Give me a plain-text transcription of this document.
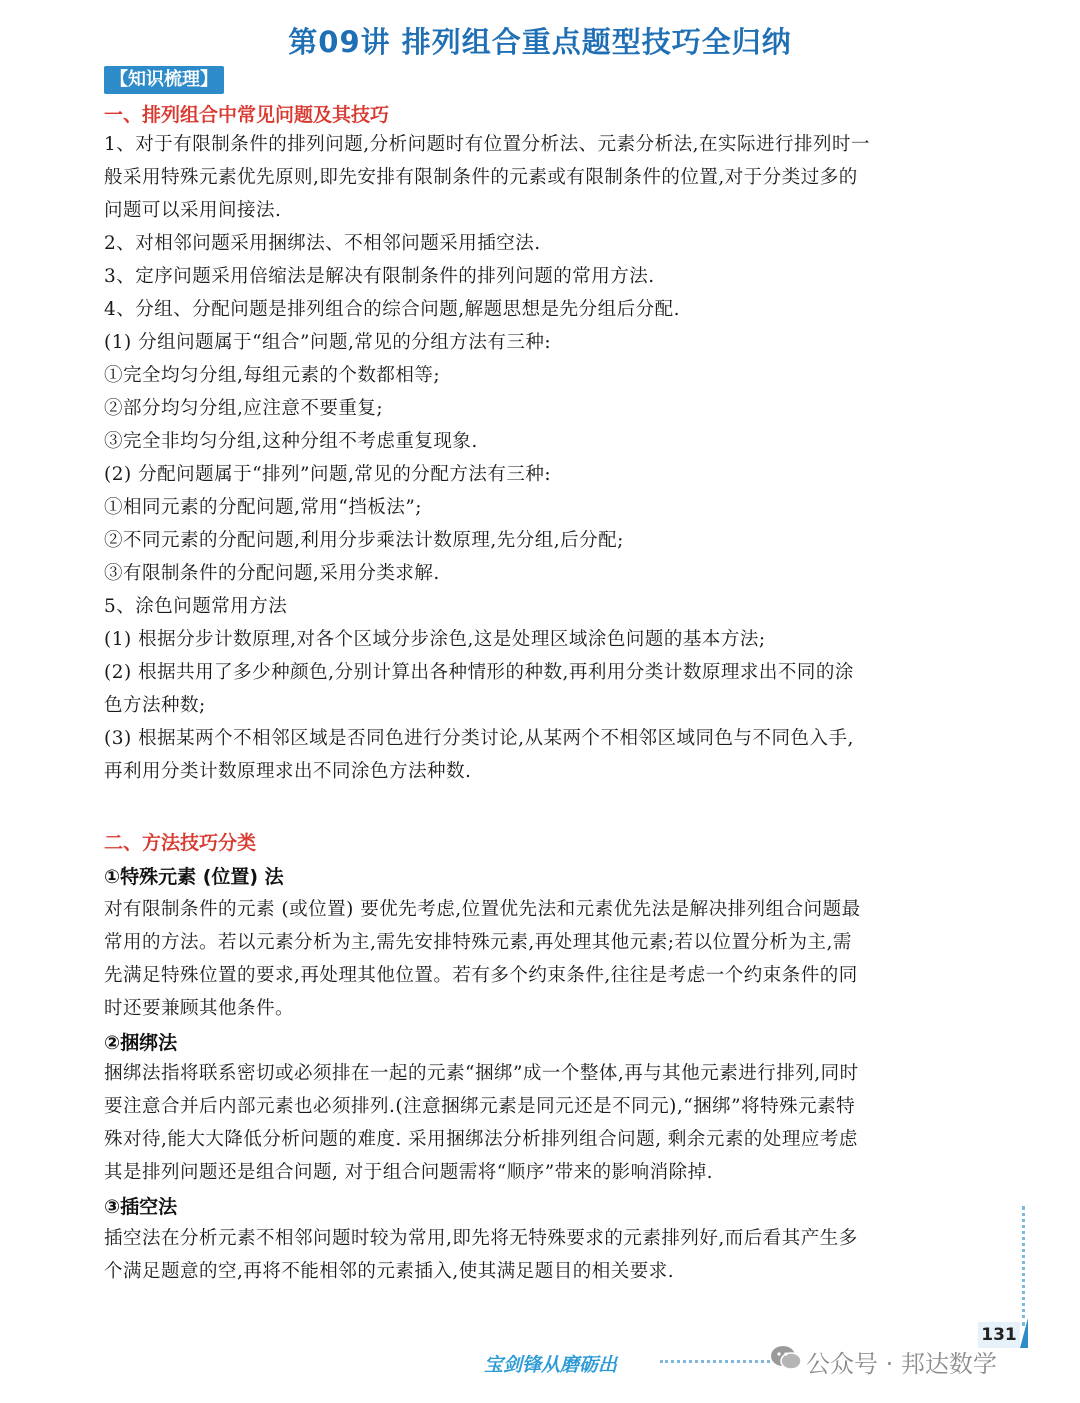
第09讲 排列组合重点题型技巧全归纳
【知识梳理】
一、排列组合中常见问题及其技巧
1、对于有限制条件的排列问题,分析问题时有位置分析法、元素分析法,在实际进行排列时一
般采用特殊元素优先原则,即先安排有限制条件的元素或有限制条件的位置,对于分类过多的
问题可以采用间接法.
2、对相邻问题采用捆绑法、不相邻问题采用插空法.
3、定序问题采用倍缩法是解决有限制条件的排列问题的常用方法.
4、分组、分配问题是排列组合的综合问题,解题思想是先分组后分配.
(1) 分组问题属于“组合”问题,常见的分组方法有三种:
①完全均匀分组,每组元素的个数都相等;
②部分均匀分组,应注意不要重复;
③完全非均匀分组,这种分组不考虑重复现象.
(2) 分配问题属于“排列”问题,常见的分配方法有三种:
①相同元素的分配问题,常用“挡板法”;
②不同元素的分配问题,利用分步乘法计数原理,先分组,后分配;
③有限制条件的分配问题,采用分类求解.
5、涂色问题常用方法
(1) 根据分步计数原理,对各个区域分步涂色,这是处理区域涂色问题的基本方法;
(2) 根据共用了多少种颜色,分别计算出各种情形的种数,再利用分类计数原理求出不同的涂
色方法种数;
(3) 根据某两个不相邻区域是否同色进行分类讨论,从某两个不相邻区域同色与不同色入手,
再利用分类计数原理求出不同涂色方法种数.
二、方法技巧分类
①特殊元素 (位置) 法
对有限制条件的元素 (或位置) 要优先考虑,位置优先法和元素优先法是解决排列组合问题最
常用的方法。若以元素分析为主,需先安排特殊元素,再处理其他元素;若以位置分析为主,需
先满足特殊位置的要求,再处理其他位置。若有多个约束条件,往往是考虑一个约束条件的同
时还要兼顾其他条件。
②捆绑法
捆绑法指将联系密切或必须排在一起的元素“捆绑”成一个整体,再与其他元素进行排列,同时
要注意合并后内部元素也必须排列.(注意捆绑元素是同元还是不同元),“捆绑”将特殊元素特
殊对待,能大大降低分析问题的难度. 采用捆绑法分析排列组合问题, 剩余元素的处理应考虑
其是排列问题还是组合问题, 对于组合问题需将“顺序”带来的影响消除掉.
③插空法
插空法在分析元素不相邻问题时较为常用,即先将无特殊要求的元素排列好,而后看其产生多
个满足题意的空,再将不能相邻的元素插入,使其满足题目的相关要求.
131
宝剑锋从磨砺出	公众号 · 邦达数学
